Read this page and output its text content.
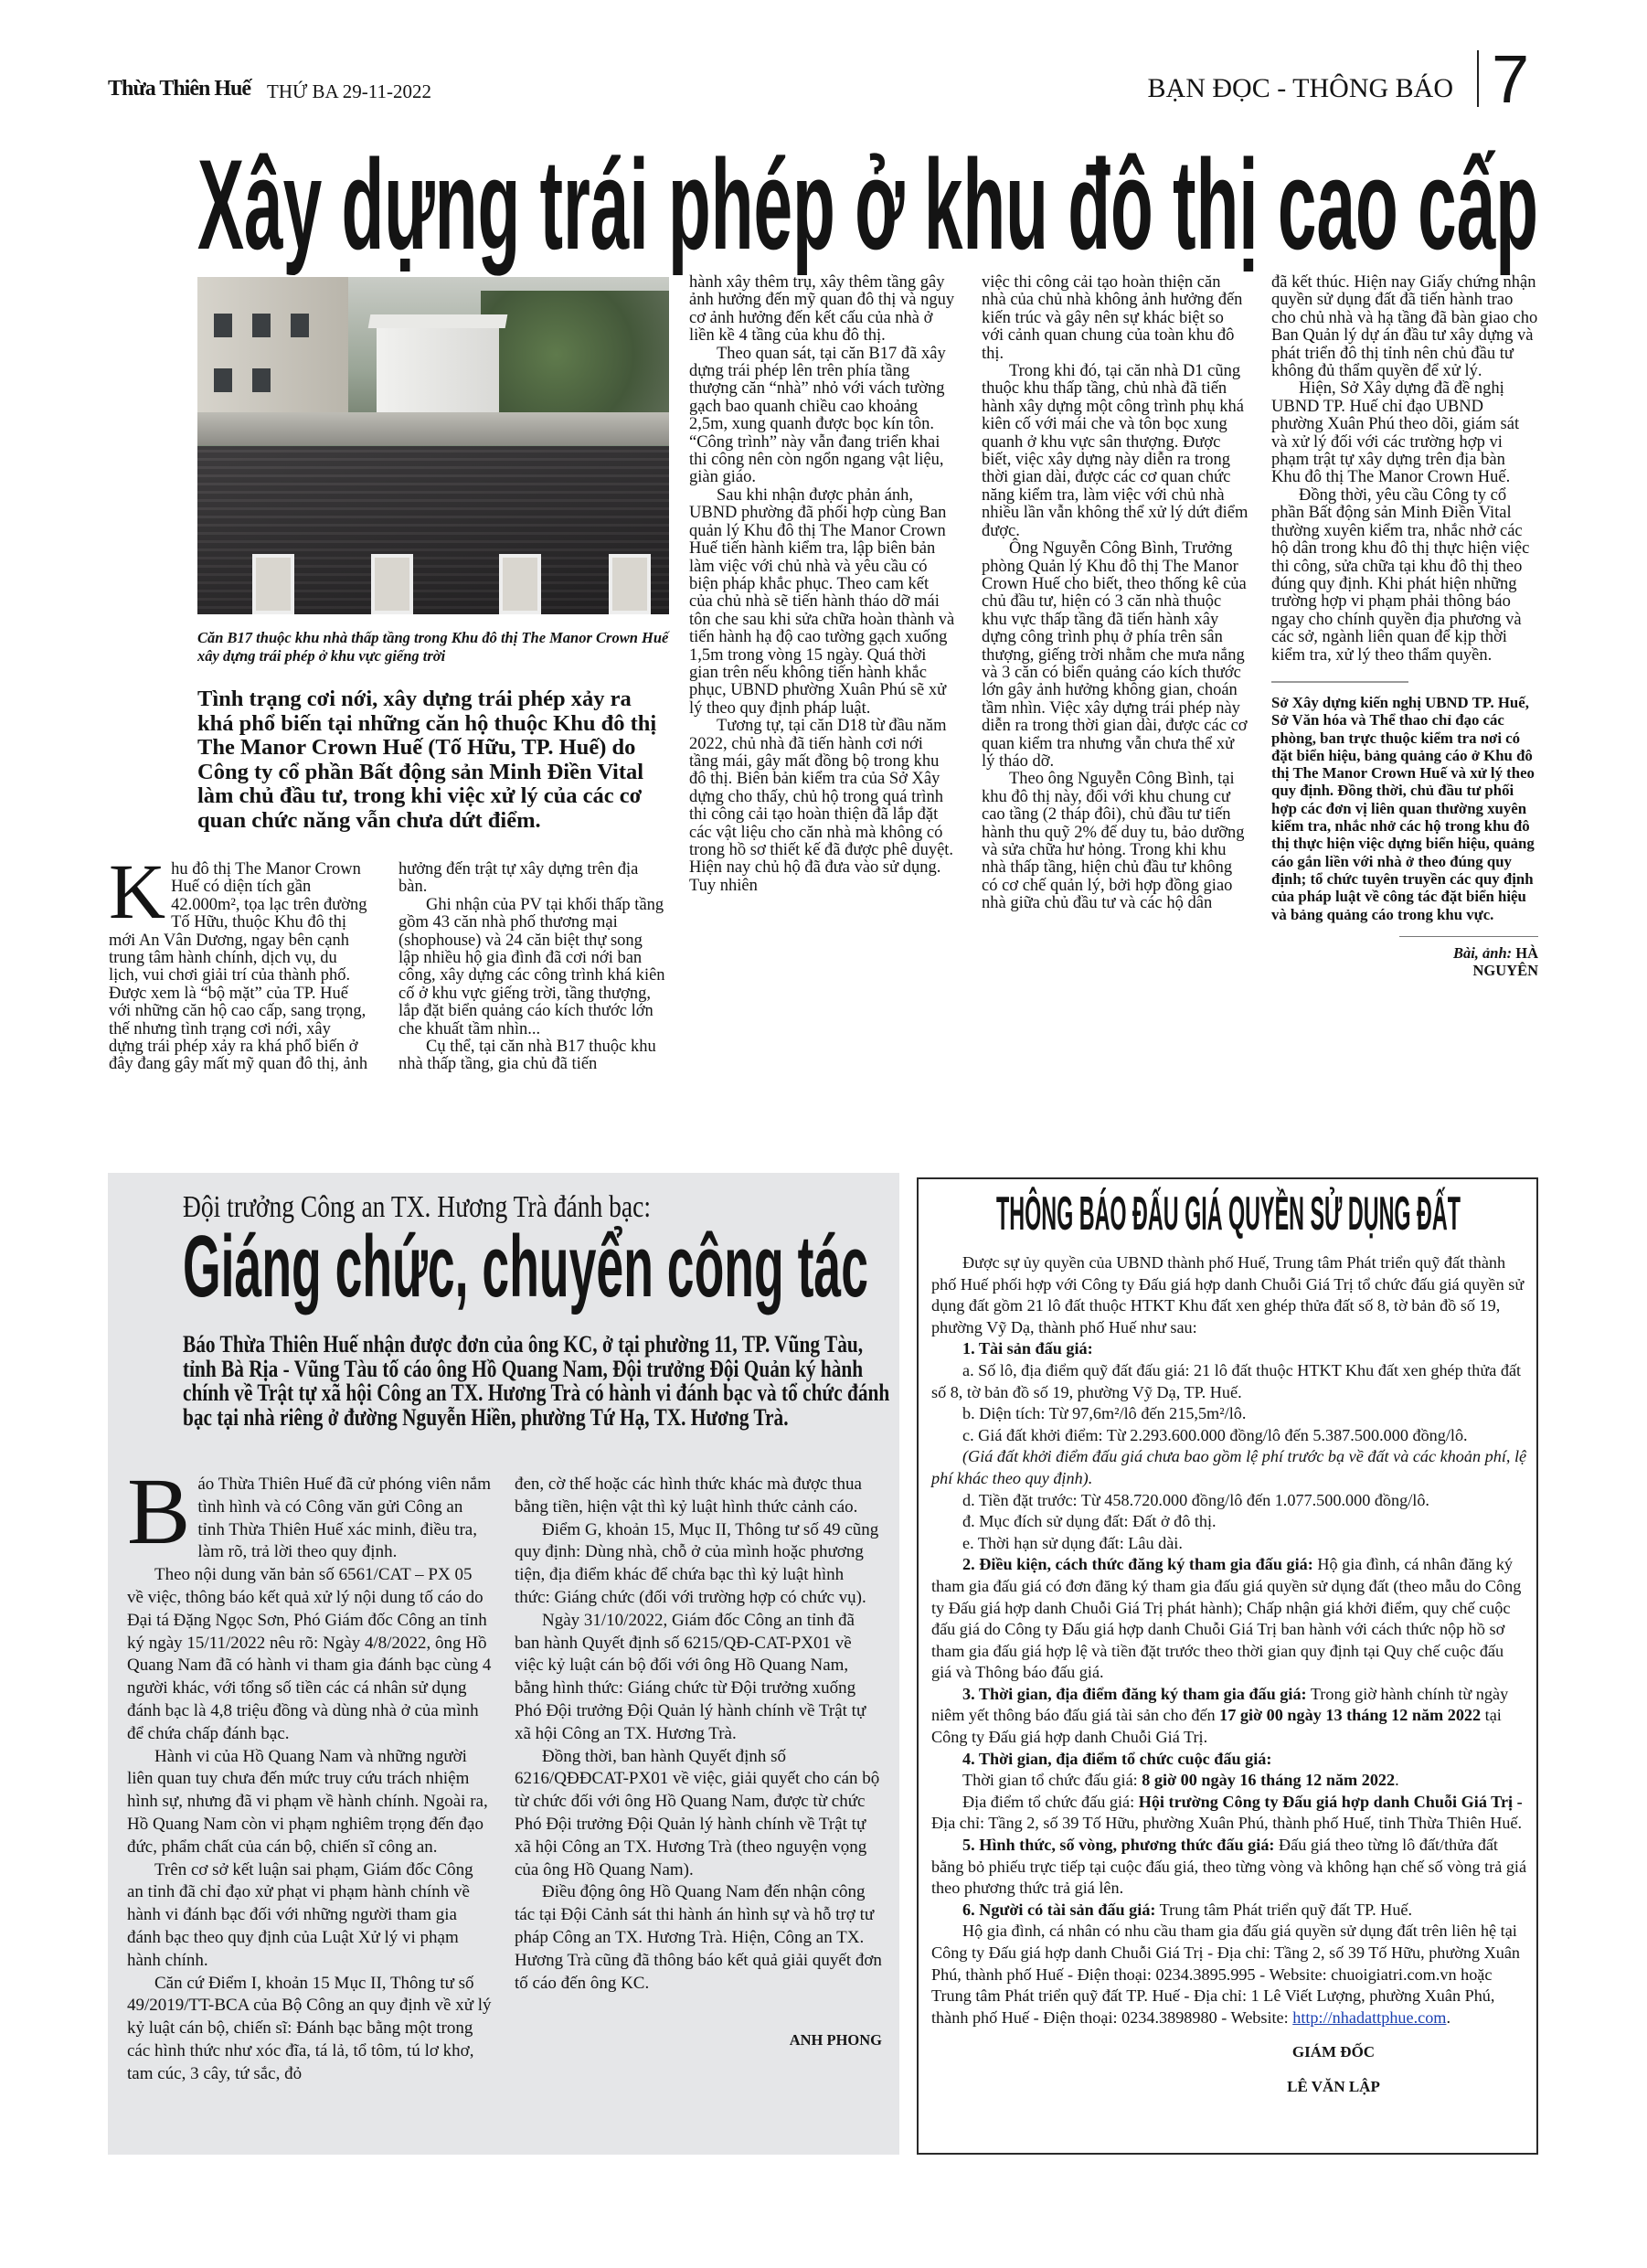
Thừa Thiên Huế THỨ BA 29-11-2022	BẠN ĐỌC - THÔNG BÁO 7
Xây dựng trái phép ở khu đô thị cao cấp
Căn B17 thuộc khu nhà thấp tầng trong Khu đô thị The Manor Crown Huế xây dựng trái phép ở khu vực giếng trời
Tình trạng cơi nới, xây dựng trái phép xảy ra khá phổ biến tại những căn hộ thuộc Khu đô thị The Manor Crown Huế (Tố Hữu, TP. Huế) do Công ty cổ phần Bất động sản Minh Điền Vital làm chủ đầu tư, trong khi việc xử lý của các cơ quan chức năng vẫn chưa dứt điểm.
K hu đô thị The Manor Crown Huế có diện tích gần 42.000m², tọa lạc trên đường Tố Hữu, thuộc Khu đô thị mới An Vân Dương, ngay bên cạnh trung tâm hành chính, dịch vụ, du lịch, vui chơi giải trí của thành phố. Được xem là “bộ mặt” của TP. Huế với những căn hộ cao cấp, sang trọng, thế nhưng tình trạng cơi nới, xây dựng trái phép xảy ra khá phổ biến ở đây đang gây mất mỹ quan đô thị, ảnh

hưởng đến trật tự xây dựng trên địa bàn.

Ghi nhận của PV tại khối thấp tầng gồm 43 căn nhà phố thương mại (shophouse) và 24 căn biệt thự song lập nhiều hộ gia đình đã cơi nới ban công, xây dựng các công trình khá kiên cố ở khu vực giếng trời, tầng thượng, lắp đặt biển quảng cáo kích thước lớn che khuất tầm nhìn...

Cụ thể, tại căn nhà B17 thuộc khu nhà thấp tầng, gia chủ đã tiến

hành xây thêm trụ, xây thêm tầng gây ảnh hưởng đến mỹ quan đô thị và nguy cơ ảnh hưởng đến kết cấu của nhà ở liền kề 4 tầng của khu đô thị.

Theo quan sát, tại căn B17 đã xây dựng trái phép lên trên phía tầng thượng căn “nhà” nhỏ với vách tường gạch bao quanh chiều cao khoảng 2,5m, xung quanh được bọc kín tôn. “Công trình” này vẫn đang triển khai thi công nên còn ngổn ngang vật liệu, giàn giáo.

Sau khi nhận được phản ánh, UBND phường đã phối hợp cùng Ban quản lý Khu đô thị The Manor Crown Huế tiến hành kiểm tra, lập biên bản làm việc với chủ nhà và yêu cầu có biện pháp khắc phục. Theo cam kết của chủ nhà sẽ tiến hành tháo dỡ mái tôn che sau khi sửa chữa hoàn thành và tiến hành hạ độ cao tường gạch xuống 1,5m trong vòng 15 ngày. Quá thời gian trên nếu không tiến hành khắc phục, UBND phường Xuân Phú sẽ xử lý theo quy định pháp luật.

Tương tự, tại căn D18 từ đầu năm 2022, chủ nhà đã tiến hành cơi nới tầng mái, gây mất đồng bộ trong khu đô thị. Biên bản kiểm tra của Sở Xây dựng cho thấy, chủ hộ trong quá trình thi công cải tạo hoàn thiện đã lắp đặt các vật liệu cho căn nhà mà không có trong hồ sơ thiết kế đã được phê duyệt. Hiện nay chủ hộ đã đưa vào sử dụng. Tuy nhiên

việc thi công cải tạo hoàn thiện căn nhà của chủ nhà không ảnh hưởng đến kiến trúc và gây nên sự khác biệt so với cảnh quan chung của toàn khu đô thị.

Trong khi đó, tại căn nhà D1 cũng thuộc khu thấp tầng, chủ nhà đã tiến hành xây dựng một công trình phụ khá kiên cố với mái che và tôn bọc xung quanh ở khu vực sân thượng. Được biết, việc xây dựng này diễn ra trong thời gian dài, được các cơ quan chức năng kiểm tra, làm việc với chủ nhà nhiều lần vẫn không thể xử lý dứt điểm được.

Ông Nguyễn Công Bình, Trưởng phòng Quản lý Khu đô thị The Manor Crown Huế cho biết, theo thống kê của chủ đầu tư, hiện có 3 căn nhà thuộc khu vực thấp tầng đã tiến hành xây dựng công trình phụ ở phía trên sân thượng, giếng trời nhằm che mưa nắng và 3 căn có biển quảng cáo kích thước lớn gây ảnh hưởng không gian, choán tầm nhìn. Việc xây dựng trái phép này diễn ra trong thời gian dài, được các cơ quan kiểm tra nhưng vẫn chưa thể xử lý tháo dỡ.

Theo ông Nguyễn Công Bình, tại khu đô thị này, đối với khu chung cư cao tầng (2 tháp đôi), chủ đầu tư tiến hành thu quỹ 2% để duy tu, bảo dưỡng và sửa chữa hư hỏng. Trong khi khu nhà thấp tầng, hiện chủ đầu tư không có cơ chế quản lý, bởi hợp đồng giao nhà giữa chủ đầu tư và các hộ dân

đã kết thúc. Hiện nay Giấy chứng nhận quyền sử dụng đất đã tiến hành trao cho chủ nhà và hạ tầng đã bàn giao cho Ban Quản lý dự án đầu tư xây dựng và phát triển đô thị tỉnh nên chủ đầu tư không đủ thẩm quyền để xử lý.

Hiện, Sở Xây dựng đã đề nghị UBND TP. Huế chỉ đạo UBND phường Xuân Phú theo dõi, giám sát và xử lý đối với các trường hợp vi phạm trật tự xây dựng trên địa bàn Khu đô thị The Manor Crown Huế.

Đồng thời, yêu cầu Công ty cổ phần Bất động sản Minh Điền Vital thường xuyên kiểm tra, nhắc nhở các hộ dân trong khu đô thị thực hiện việc thi công, sửa chữa tại khu đô thị theo đúng quy định. Khi phát hiện những trường hợp vi phạm phải thông báo ngay cho chính quyền địa phương và các sở, ngành liên quan để kịp thời kiểm tra, xử lý theo thẩm quyền.

Sở Xây dựng kiến nghị UBND TP. Huế, Sở Văn hóa và Thể thao chỉ đạo các phòng, ban trực thuộc kiểm tra nơi có đặt biển hiệu, bảng quảng cáo ở Khu đô thị The Manor Crown Huế và xử lý theo quy định. Đồng thời, chủ đầu tư phối hợp các đơn vị liên quan thường xuyên kiểm tra, nhắc nhở các hộ trong khu đô thị thực hiện việc dựng biển hiệu, quảng cáo gắn liền với nhà ở theo đúng quy định; tổ chức tuyên truyền các quy định của pháp luật về công tác đặt biển hiệu và bảng quảng cáo trong khu vực.
Bài, ảnh: HÀ NGUYÊN
Đội trưởng Công an TX. Hương Trà đánh bạc:
Giáng chức, chuyển công tác
Báo Thừa Thiên Huế nhận được đơn của ông KC, ở tại phường 11, TP. Vũng Tàu, tỉnh Bà Rịa - Vũng Tàu tố cáo ông Hồ Quang Nam, Đội trưởng Đội Quản ký hành chính về Trật tự xã hội Công an TX. Hương Trà có hành vi đánh bạc và tổ chức đánh bạc tại nhà riêng ở đường Nguyễn Hiền, phường Tứ Hạ, TX. Hương Trà.
B áo Thừa Thiên Huế đã cử phóng viên nắm tình hình và có Công văn gửi Công an tỉnh Thừa Thiên Huế xác minh, điều tra, làm rõ, trả lời theo quy định.

Theo nội dung văn bản số 6561/CAT – PX 05 về việc, thông báo kết quả xử lý nội dung tố cáo do Đại tá Đặng Ngọc Sơn, Phó Giám đốc Công an tỉnh ký ngày 15/11/2022 nêu rõ: Ngày 4/8/2022, ông Hồ Quang Nam đã có hành vi tham gia đánh bạc cùng 4 người khác, với tổng số tiền các cá nhân sử dụng đánh bạc là 4,8 triệu đồng và dùng nhà ở của mình để chứa chấp đánh bạc.

Hành vi của Hồ Quang Nam và những người liên quan tuy chưa đến mức truy cứu trách nhiệm hình sự, nhưng đã vi phạm về hành chính. Ngoài ra, Hồ Quang Nam còn vi phạm nghiêm trọng đến đạo đức, phẩm chất của cán bộ, chiến sĩ công an.

Trên cơ sở kết luận sai phạm, Giám đốc Công an tỉnh đã chỉ đạo xử phạt vi phạm hành chính về hành vi đánh bạc đối với những người tham gia đánh bạc theo quy định của Luật Xử lý vi phạm hành chính.

Căn cứ Điểm I, khoản 15 Mục II, Thông tư số 49/2019/TT-BCA của Bộ Công an quy định về xử lý kỷ luật cán bộ, chiến sĩ: Đánh bạc bằng một trong các hình thức như xóc đĩa, tá lả, tổ tôm, tú lơ khơ, tam cúc, 3 cây, tứ sắc, đỏ

đen, cờ thế hoặc các hình thức khác mà được thua bằng tiền, hiện vật thì kỷ luật hình thức cảnh cáo.

Điểm G, khoản 15, Mục II, Thông tư số 49 cũng quy định: Dùng nhà, chỗ ở của mình hoặc phương tiện, địa điểm khác để chứa bạc thì kỷ luật hình thức: Giáng chức (đối với trường hợp có chức vụ).

Ngày 31/10/2022, Giám đốc Công an tỉnh đã ban hành Quyết định số 6215/QĐ-CAT-PX01 về việc kỷ luật cán bộ đối với ông Hồ Quang Nam, bằng hình thức: Giáng chức từ Đội trưởng xuống Phó Đội trưởng Đội Quản lý hành chính về Trật tự xã hội Công an TX. Hương Trà.

Đồng thời, ban hành Quyết định số 6216/QĐĐCAT-PX01 về việc, giải quyết cho cán bộ từ chức đối với ông Hồ Quang Nam, được từ chức Phó Đội trưởng Đội Quản lý hành chính về Trật tự xã hội Công an TX. Hương Trà (theo nguyện vọng của ông Hồ Quang Nam).

Điều động ông Hồ Quang Nam đến nhận công tác tại Đội Cảnh sát thi hành án hình sự và hỗ trợ tư pháp Công an TX. Hương Trà. Hiện, Công an TX. Hương Trà cũng đã thông báo kết quả giải quyết đơn tố cáo đến ông KC.

ANH PHONG
THÔNG BÁO ĐẤU GIÁ QUYỀN SỬ DỤNG ĐẤT

Được sự ủy quyền của UBND thành phố Huế, Trung tâm Phát triển quỹ đất thành phố Huế phối hợp với Công ty Đấu giá hợp danh Chuỗi Giá Trị tổ chức đấu giá quyền sử dụng đất gồm 21 lô đất thuộc HTKT Khu đất xen ghép thửa đất số 8, tờ bản đồ số 19, phường Vỹ Dạ, thành phố Huế như sau:

1. Tài sản đấu giá:

a. Số lô, địa điểm quỹ đất đấu giá: 21 lô đất thuộc HTKT Khu đất xen ghép thửa đất số 8, tờ bản đồ số 19, phường Vỹ Dạ, TP. Huế.

b. Diện tích: Từ 97,6m²/lô đến 215,5m²/lô.

c. Giá đất khởi điểm: Từ 2.293.600.000 đồng/lô đến 5.387.500.000 đồng/lô.

(Giá đất khởi điểm đấu giá chưa bao gồm lệ phí trước bạ về đất và các khoản phí, lệ phí khác theo quy định).

d. Tiền đặt trước: Từ 458.720.000 đồng/lô đến 1.077.500.000 đồng/lô.

đ. Mục đích sử dụng đất: Đất ở đô thị.

e. Thời hạn sử dụng đất: Lâu dài.

2. Điều kiện, cách thức đăng ký tham gia đấu giá: Hộ gia đình, cá nhân đăng ký tham gia đấu giá có đơn đăng ký tham gia đấu giá quyền sử dụng đất (theo mẫu do Công ty Đấu giá hợp danh Chuỗi Giá Trị phát hành); Chấp nhận giá khởi điểm, quy chế cuộc đấu giá do Công ty Đấu giá hợp danh Chuỗi Giá Trị ban hành với cách thức nộp hồ sơ tham gia đấu giá hợp lệ và tiền đặt trước theo thời gian quy định tại Quy chế cuộc đấu giá và Thông báo đấu giá.

3. Thời gian, địa điểm đăng ký tham gia đấu giá: Trong giờ hành chính từ ngày niêm yết thông báo đấu giá tài sản cho đến 17 giờ 00 ngày 13 tháng 12 năm 2022 tại Công ty Đấu giá hợp danh Chuỗi Giá Trị.

4. Thời gian, địa điểm tổ chức cuộc đấu giá:

Thời gian tổ chức đấu giá: 8 giờ 00 ngày 16 tháng 12 năm 2022.

Địa điểm tổ chức đấu giá: Hội trường Công ty Đấu giá hợp danh Chuỗi Giá Trị - Địa chỉ: Tầng 2, số 39 Tố Hữu, phường Xuân Phú, thành phố Huế, tỉnh Thừa Thiên Huế.

5. Hình thức, số vòng, phương thức đấu giá: Đấu giá theo từng lô đất/thửa đất bằng bỏ phiếu trực tiếp tại cuộc đấu giá, theo từng vòng và không hạn chế số vòng trả giá theo phương thức trả giá lên.

6. Người có tài sản đấu giá: Trung tâm Phát triển quỹ đất TP. Huế.

Hộ gia đình, cá nhân có nhu cầu tham gia đấu giá quyền sử dụng đất trên liên hệ tại Công ty Đấu giá hợp danh Chuỗi Giá Trị - Địa chỉ: Tầng 2, số 39 Tố Hữu, phường Xuân Phú, thành phố Huế - Điện thoại: 0234.3895.995 - Website: chuoigiatri.com.vn hoặc Trung tâm Phát triển quỹ đất TP. Huế - Địa chỉ: 1 Lê Viết Lượng, phường Xuân Phú, thành phố Huế - Điện thoại: 0234.3898980 - Website: http://nhadattphue.com.

GIÁM ĐỐC
LÊ VĂN LẬP
